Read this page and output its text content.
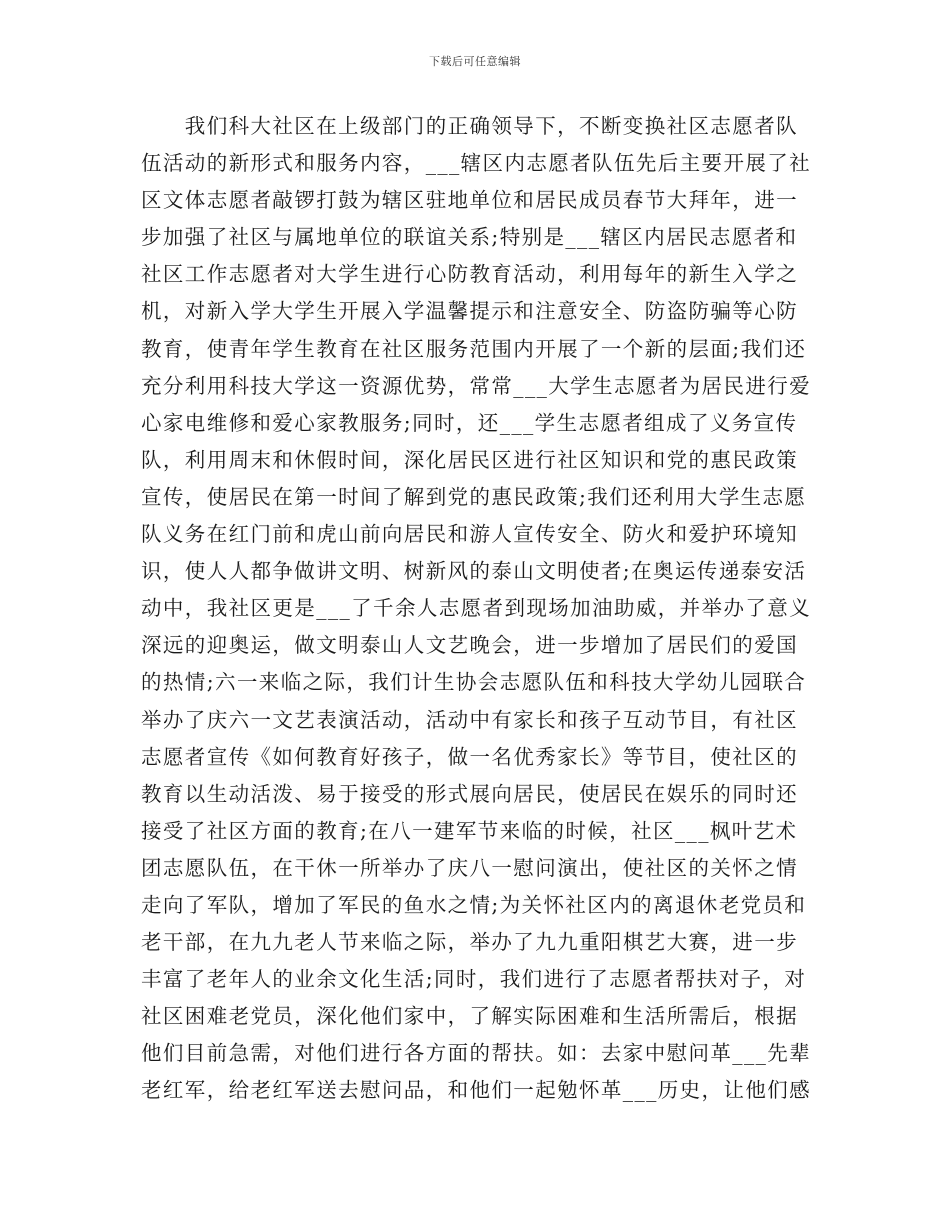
下载后可任意编辑
　　我们科大社区在上级部门的正确领导下，不断变换社区志愿者队
伍活动的新形式和服务内容，___辖区内志愿者队伍先后主要开展了社
区文体志愿者敲锣打鼓为辖区驻地单位和居民成员春节大拜年，进一
步加强了社区与属地单位的联谊关系;特别是___辖区内居民志愿者和
社区工作志愿者对大学生进行心防教育活动，利用每年的新生入学之
机，对新入学大学生开展入学温馨提示和注意安全、防盗防骗等心防
教育，使青年学生教育在社区服务范围内开展了一个新的层面;我们还
充分利用科技大学这一资源优势，常常___大学生志愿者为居民进行爱
心家电维修和爱心家教服务;同时，还___学生志愿者组成了义务宣传
队，利用周末和休假时间，深化居民区进行社区知识和党的惠民政策
宣传，使居民在第一时间了解到党的惠民政策;我们还利用大学生志愿
队义务在红门前和虎山前向居民和游人宣传安全、防火和爱护环境知
识，使人人都争做讲文明、树新风的泰山文明使者;在奥运传递泰安活
动中，我社区更是___了千余人志愿者到现场加油助威，并举办了意义
深远的迎奥运，做文明泰山人文艺晚会，进一步增加了居民们的爱国
的热情;六一来临之际，我们计生协会志愿队伍和科技大学幼儿园联合
举办了庆六一文艺表演活动，活动中有家长和孩子互动节目，有社区
志愿者宣传《如何教育好孩子，做一名优秀家长》等节目，使社区的
教育以生动活泼、易于接受的形式展向居民，使居民在娱乐的同时还
接受了社区方面的教育;在八一建军节来临的时候，社区___枫叶艺术
团志愿队伍，在干休一所举办了庆八一慰问演出，使社区的关怀之情
走向了军队，增加了军民的鱼水之情;为关怀社区内的离退休老党员和
老干部，在九九老人节来临之际，举办了九九重阳棋艺大赛，进一步
丰富了老年人的业余文化生活;同时，我们进行了志愿者帮扶对子，对
社区困难老党员，深化他们家中，了解实际困难和生活所需后，根据
他们目前急需，对他们进行各方面的帮扶。如：去家中慰问革___先辈
老红军，给老红军送去慰问品，和他们一起勉怀革___历史，让他们感
